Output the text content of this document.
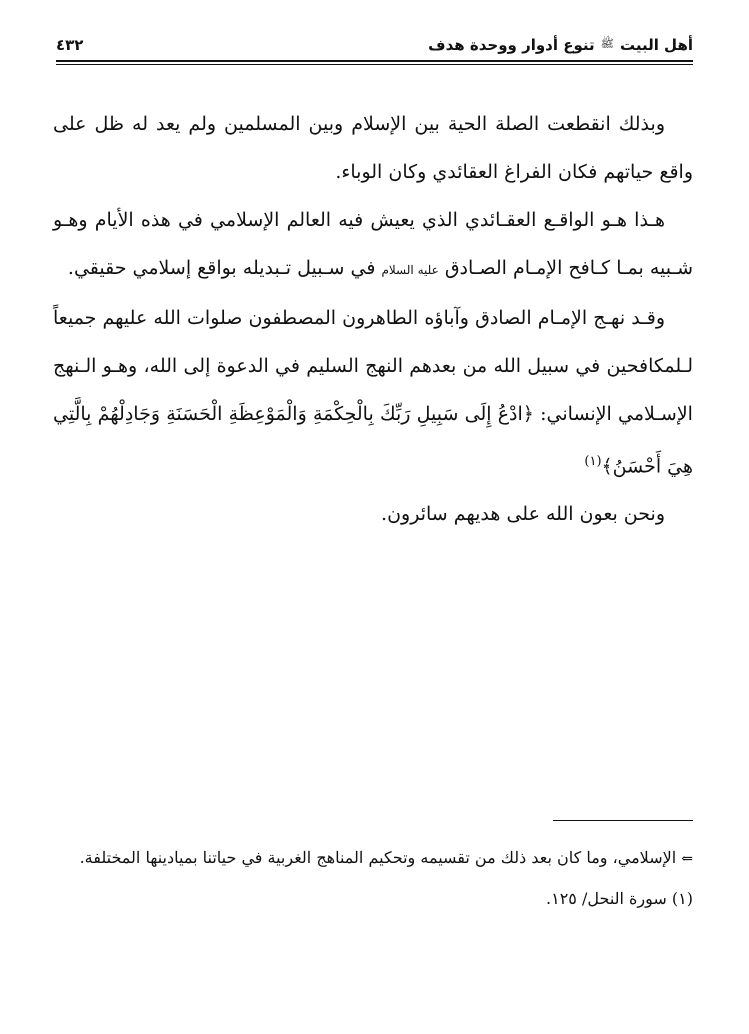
أهل البيت
ﷺ
تنوع أدوار ووحدة هدف
٤٣٢

وبذلك انقطعت الصلة الحية بين الإسلام وبين المسلمين ولم يعد له ظل على واقع حياتهم فكان الفراغ العقائدي وكان الوباء.

هـذا هـو الواقـع العقـائدي الذي يعيش فيه العالم الإسلامي في هذه الأيام وهـو شـبيه بمـا كـافح الإمـام الصـادق عليه السلام في سـبيل تـبديله بواقع إسلامي حقيقي.

وقـد نهـج الإمـام الصادق وآباؤه الطاهرون المصطفون صلوات الله عليهم جميعاً لـلمكافحين في سبيل الله من بعدهم النهج السليم في الدعوة إلى الله، وهـو الـنهج الإسـلامي الإنساني: ﴿ادْعُ إِلَى سَبِيلِ رَبِّكَ بِالْحِكْمَةِ وَالْمَوْعِظَةِ الْحَسَنَةِ وَجَادِلْهُمْ بِالَّتِي هِيَ أَحْسَنُ﴾$^{(١)}$

ونحن بعون الله على هديهم سائرون.

⇐ الإسلامي، وما كان بعد ذلك من تقسيمه وتحكيم المناهج الغربية في حياتنا بميادينها المختلفة.

(١) سورة النحل/ ١٢٥.
